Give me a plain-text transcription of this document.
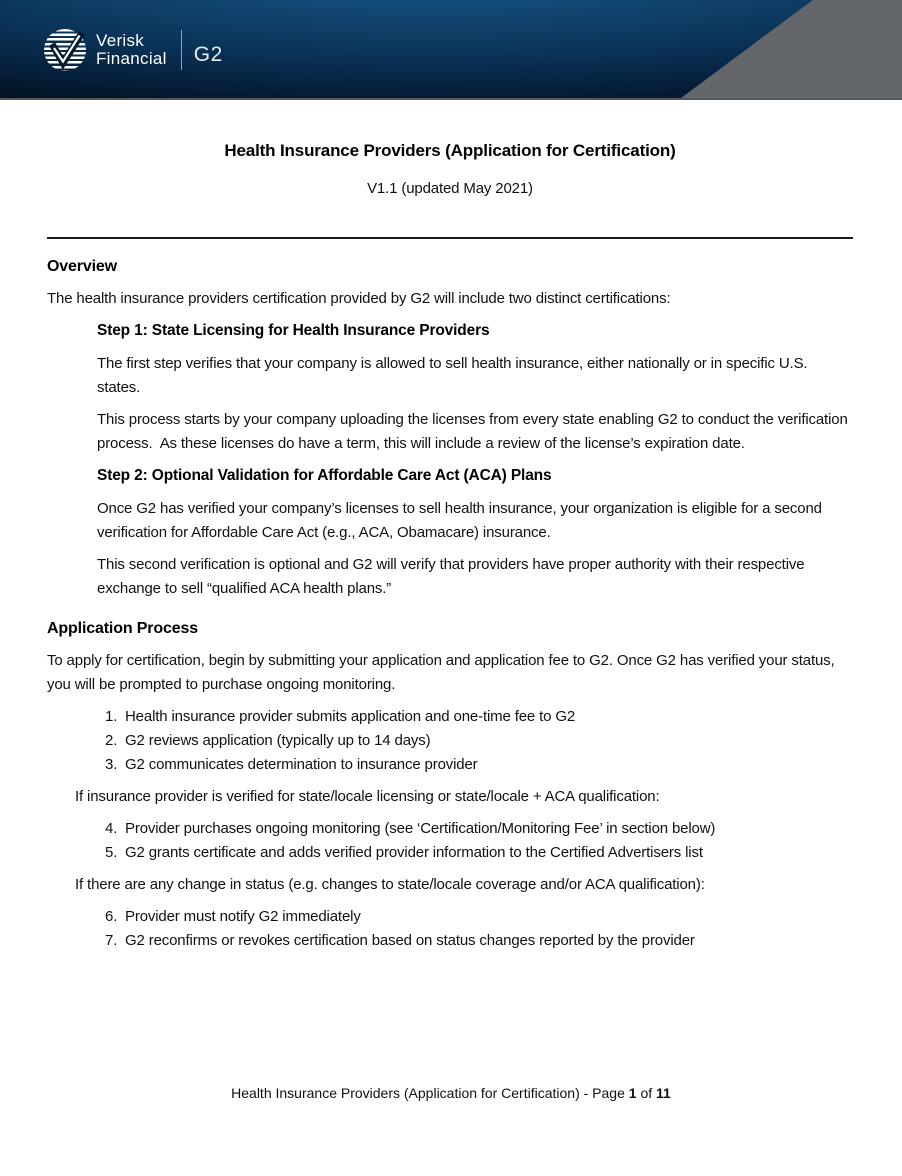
Verisk
Financial G2
Health Insurance Providers (Application for Certification)

V1.1 (updated May 2021)

Overview

The health insurance providers certification provided by G2 will include two distinct certifications:

Step 1: State Licensing for Health Insurance Providers

The first step verifies that your company is allowed to sell health insurance, either nationally or in specific U.S. states.

This process starts by your company uploading the licenses from every state enabling G2 to conduct the verification process.  As these licenses do have a term, this will include a review of the license’s expiration date.

Step 2: Optional Validation for Affordable Care Act (ACA) Plans

Once G2 has verified your company’s licenses to sell health insurance, your organization is eligible for a second verification for Affordable Care Act (e.g., ACA, Obamacare) insurance.

This second verification is optional and G2 will verify that providers have proper authority with their respective exchange to sell “qualified ACA health plans.”

Application Process

To apply for certification, begin by submitting your application and application fee to G2. Once G2 has verified your status, you will be prompted to purchase ongoing monitoring.

1. Health insurance provider submits application and one-time fee to G2
2. G2 reviews application (typically up to 14 days)
3. G2 communicates determination to insurance provider

If insurance provider is verified for state/locale licensing or state/locale + ACA qualification:

4. Provider purchases ongoing monitoring (see ‘Certification/Monitoring Fee’ in section below)
5. G2 grants certificate and adds verified provider information to the Certified Advertisers list

If there are any change in status (e.g. changes to state/locale coverage and/or ACA qualification):

6. Provider must notify G2 immediately
7. G2 reconfirms or revokes certification based on status changes reported by the provider
Health Insurance Providers (Application for Certification) - Page 1 of 11
